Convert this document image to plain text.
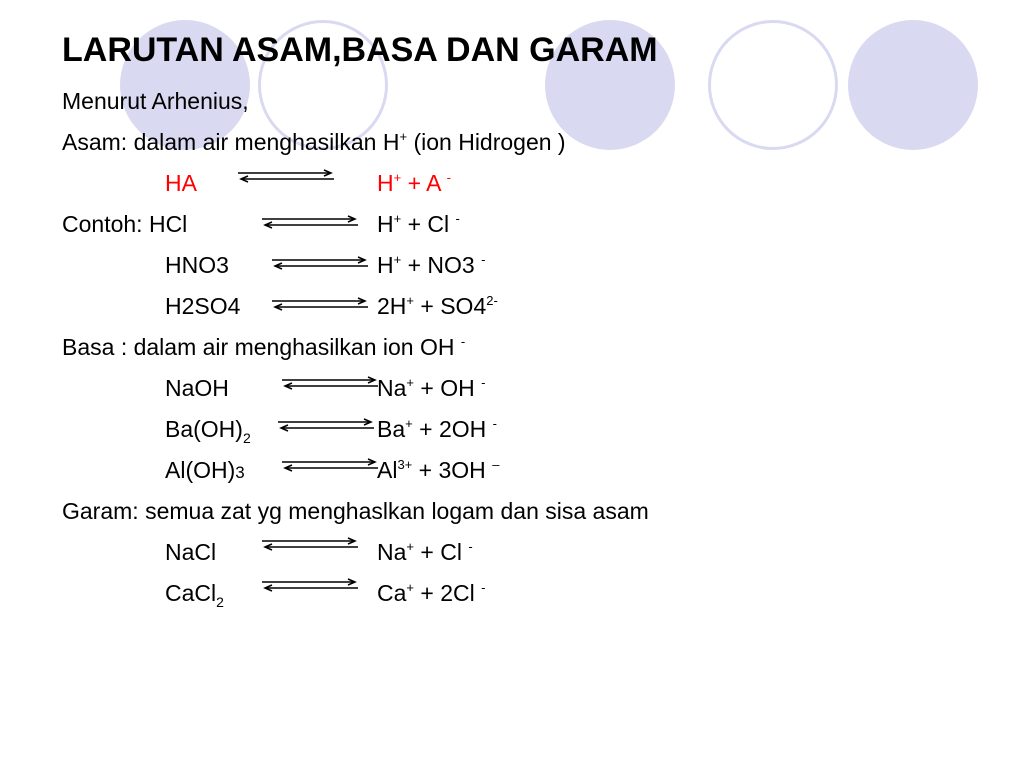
LARUTAN ASAM,BASA DAN GARAM
Menurut Arhenius,
Asam: dalam air menghasilkan H+ (ion Hidrogen )
HA	H+ + A -
Contoh: HCl	H+ + Cl -
HNO3	H+ + NO3 -
H2SO4	$2H^+ + SO4^{2-}$
Basa : dalam air menghasilkan ion OH -
NaOH	Na+ + OH -
$Ba(OH)_2$	Ba+ + 2OH -
Al(OH)3	$Al^{3+} + 3OH$ –
Garam: semua zat yg menghaslkan logam dan sisa asam
NaCl	Na+ + Cl -
CaCl$_2$	Ca+ + 2Cl -
